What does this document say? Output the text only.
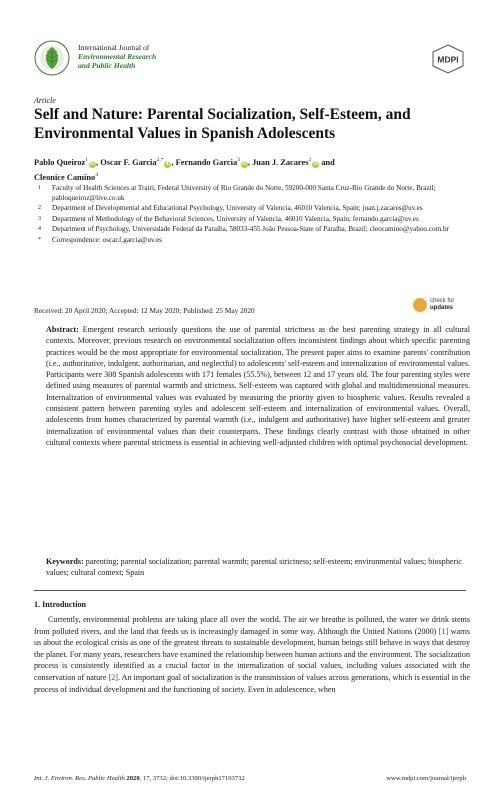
International Journal of
Environmental Research
and Public Health
MDPI
Article
Self and Nature: Parental Socialization, Self-Esteem, and Environmental Values in Spanish Adolescents
Pablo Queiroz$^1$iD, Oscar F. Garcia$^{2,*}$iD, Fernando Garcia$^3$iD, Juan J. Zacares$^2$iD and
Cleonice Camino$^4$
1 Faculty of Health Sciences at Trairi, Federal University of Rio Grande do Norte, 59200-000 Santa Cruz-Rio Grande do Norte, Brazil; pabloqueiroz@live.co.uk
2 Department of Developmental and Educational Psychology, University of Valencia, 46010 Valencia, Spain; juan.j.zacares@uv.es
3 Department of Methodology of the Behavioral Sciences, University of Valencia, 46010 Valencia, Spain; fernando.garcia@uv.es
4 Department of Psychology, Universidade Federal da Paraíba, 58033-455 João Pessoa-State of Paraíba, Brazil; cleocamino@yahoo.com.br
* Correspondence: oscar.f.garcia@uv.es
Received: 20 April 2020; Accepted: 12 May 2020; Published: 25 May 2020
check for
updates
Abstract: Emergent research seriously questions the use of parental strictness as the best parenting strategy in all cultural contexts. Moreover, previous research on environmental socialization offers inconsistent findings about which specific parenting practices would be the most appropriate for environmental socialization. The present paper aims to examine parents' contribution (i.e., authoritative, indulgent, authoritarian, and neglectful) to adolescents' self-esteem and internalization of environmental values. Participants were 308 Spanish adolescents with 171 females (55.5%), between 12 and 17 years old. The four parenting styles were defined using measures of parental warmth and strictness. Self-esteem was captured with global and multidimensional measures. Internalization of environmental values was evaluated by measuring the priority given to biospheric values. Results revealed a consistent pattern between parenting styles and adolescent self-esteem and internalization of environmental values. Overall, adolescents from homes characterized by parental warmth (i.e., indulgent and authoritative) have higher self-esteem and greater internalization of environmental values than their counterparts. These findings clearly contrast with those obtained in other cultural contexts where parental strictness is essential in achieving well-adjusted children with optimal psychosocial development.
Keywords: parenting; parental socialization; parental warmth; parental strictness; self-esteem; environmental values; biospheric values; cultural context; Spain
1. Introduction
Currently, environmental problems are taking place all over the world. The air we breathe is polluted, the water we drink stems from polluted rivers, and the land that feeds us is increasingly damaged in some way. Although the United Nations (2000) [1] warns us about the ecological crisis as one of the greatest threats to sustainable development, human beings still behave in ways that destroy the planet. For many years, researchers have examined the relationship between human actions and the environment. The socialization process is consistently identified as a crucial factor in the internalization of social values, including values associated with the conservation of nature [2]. An important goal of socialization is the transmission of values across generations, which is essential in the process of individual development and the functioning of society. Even in adolescence, when
Int. J. Environ. Res. Public Health 2020, 17, 3732; doi:10.3390/ijerph17103732	www.mdpi.com/journal/ijerph
